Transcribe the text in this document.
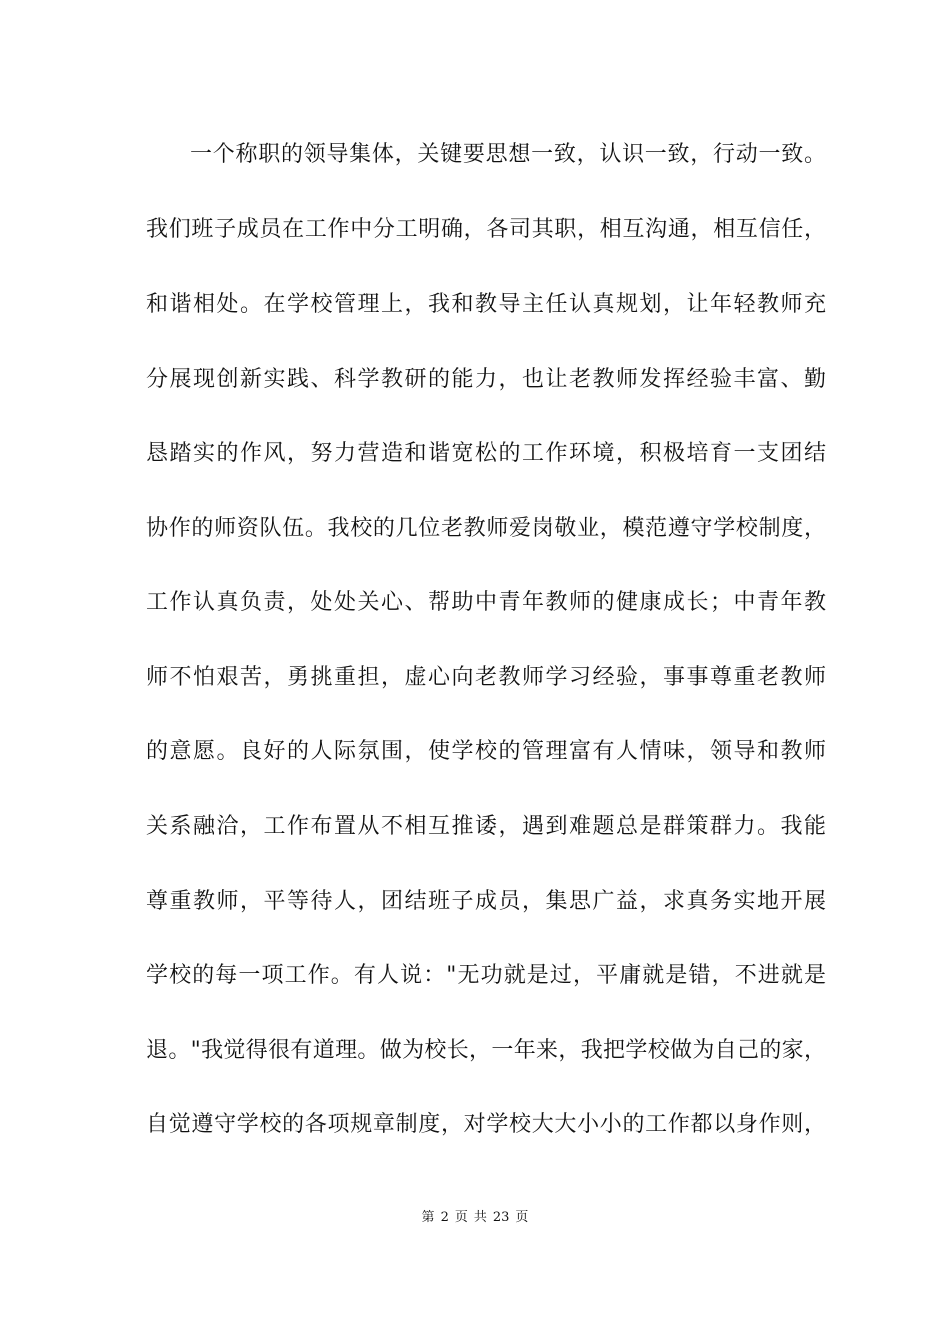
一个称职的领导集体，关键要思想一致，认识一致，行动一致。
我们班子成员在工作中分工明确，各司其职，相互沟通，相互信任，
和谐相处。在学校管理上，我和教导主任认真规划，让年轻教师充
分展现创新实践、科学教研的能力，也让老教师发挥经验丰富、勤
恳踏实的作风，努力营造和谐宽松的工作环境，积极培育一支团结
协作的师资队伍。我校的几位老教师爱岗敬业，模范遵守学校制度，
工作认真负责，处处关心、帮助中青年教师的健康成长；中青年教
师不怕艰苦，勇挑重担，虚心向老教师学习经验，事事尊重老教师
的意愿。良好的人际氛围，使学校的管理富有人情味，领导和教师
关系融洽，工作布置从不相互推诿，遇到难题总是群策群力。我能
尊重教师，平等待人，团结班子成员，集思广益，求真务实地开展
学校的每一项工作。有人说："无功就是过，平庸就是错，不进就是
退。"我觉得很有道理。做为校长，一年来，我把学校做为自己的家，
自觉遵守学校的各项规章制度，对学校大大小小的工作都以身作则，
第 2 页 共 23 页
